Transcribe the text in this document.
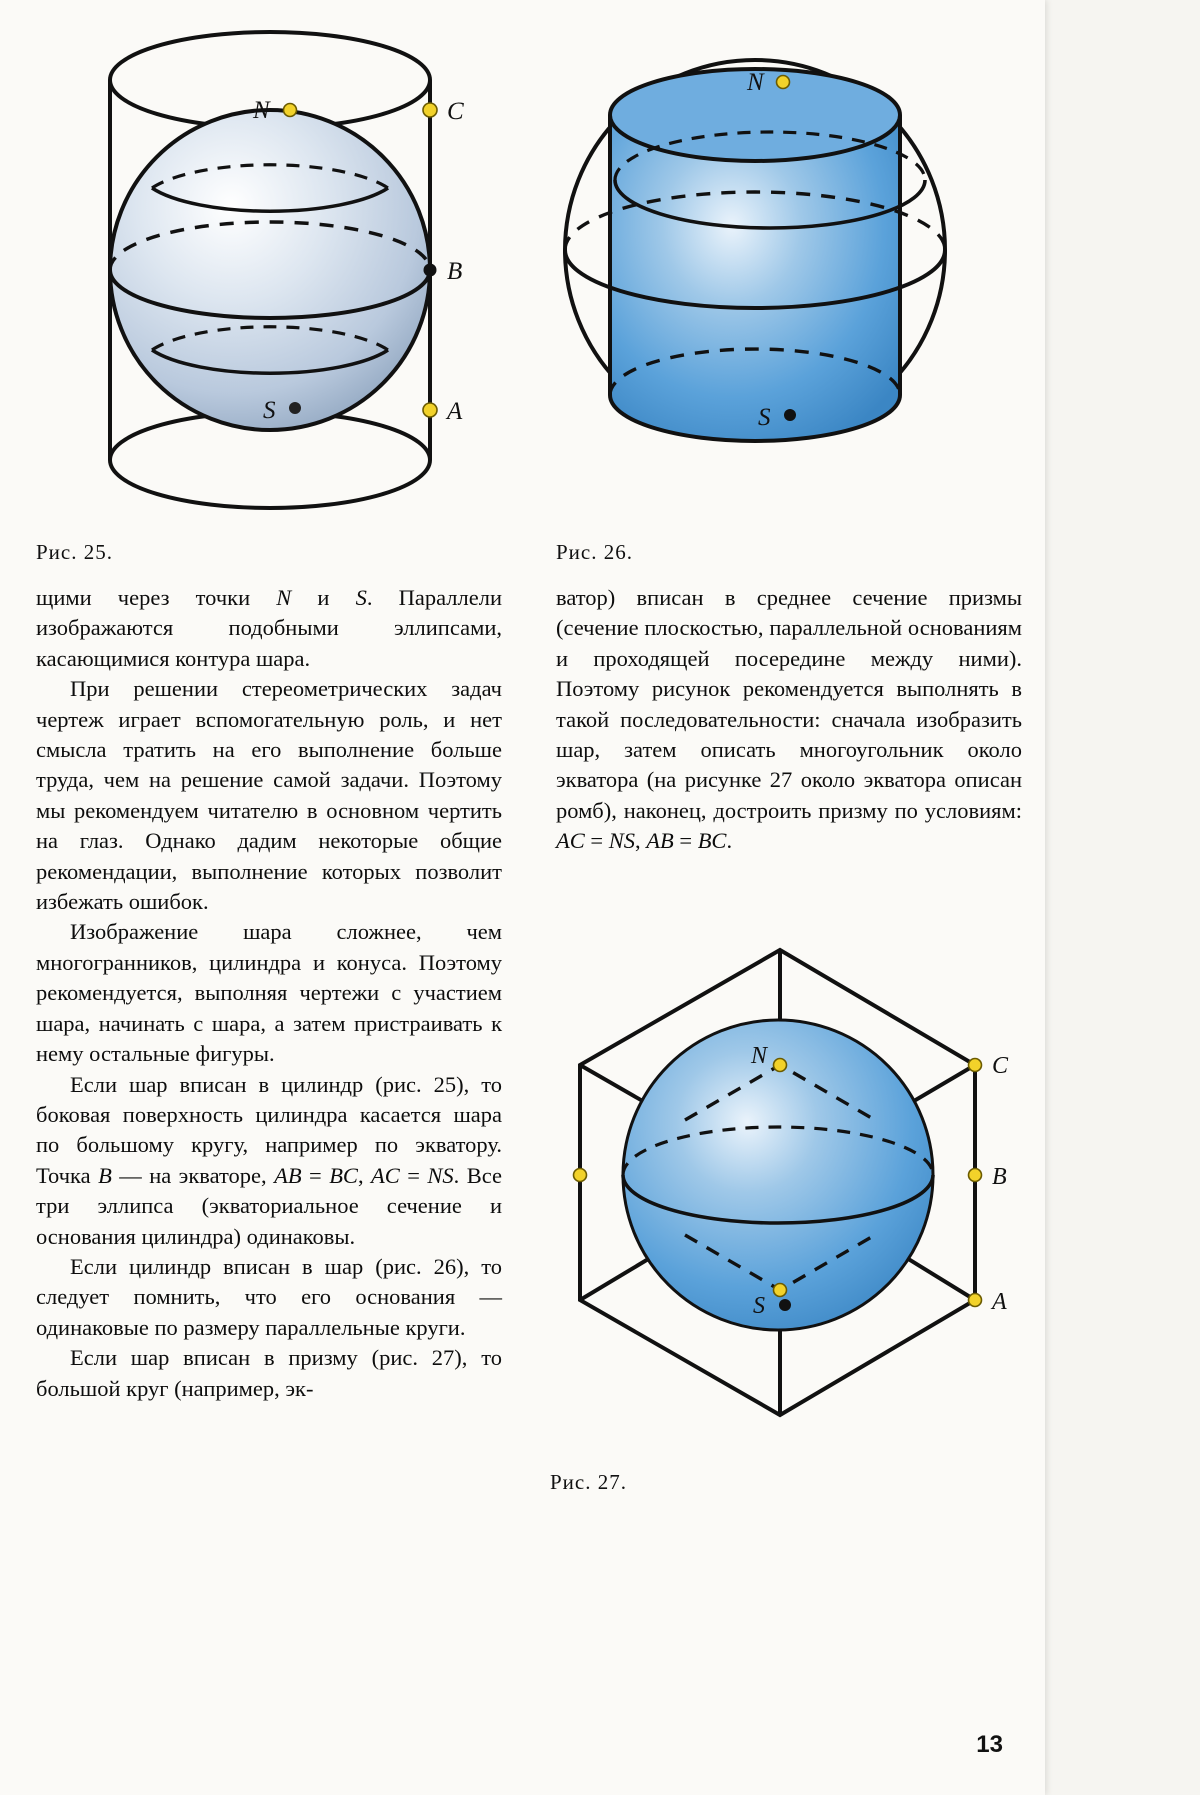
N
S
C
B
A
N
S
Рис. 25.	Рис. 26.
N
S
C
B
A
Рис. 27.

щими через точки N и S. Параллели изображаются подобными эллипсами, касающимися контура шара.

При решении стереометрических задач чертеж играет вспомогательную роль, и нет смысла тратить на его выполнение больше труда, чем на решение самой задачи. Поэтому мы рекомендуем читателю в основном чертить на глаз. Однако дадим некоторые общие рекомендации, выполнение которых позволит избежать ошибок.

Изображение шара сложнее, чем многогранников, цилиндра и конуса. Поэтому рекомендуется, выполняя чертежи с участием шара, начинать с шара, а затем пристраивать к нему остальные фигуры.

Если шар вписан в цилиндр (рис. 25), то боковая поверхность цилиндра касается шара по большому кругу, например по экватору. Точка B — на экваторе, AB = BC, AC = NS. Все три эллипса (экваториальное сечение и основания цилиндра) одинаковы.

Если цилиндр вписан в шар (рис. 26), то следует помнить, что его основания — одинаковые по размеру параллельные круги.

Если шар вписан в призму (рис. 27), то большой круг (например, эк-

ватор) вписан в среднее сечение призмы (сечение плоскостью, параллельной основаниям и проходящей посередине между ними). Поэтому рисунок рекомендуется выполнять в такой последовательности: сначала изобразить шар, затем описать многоугольник около экватора (на рисунке 27 около экватора описан ромб), наконец, достроить призму по условиям: AC = NS, AB = BC.

13
